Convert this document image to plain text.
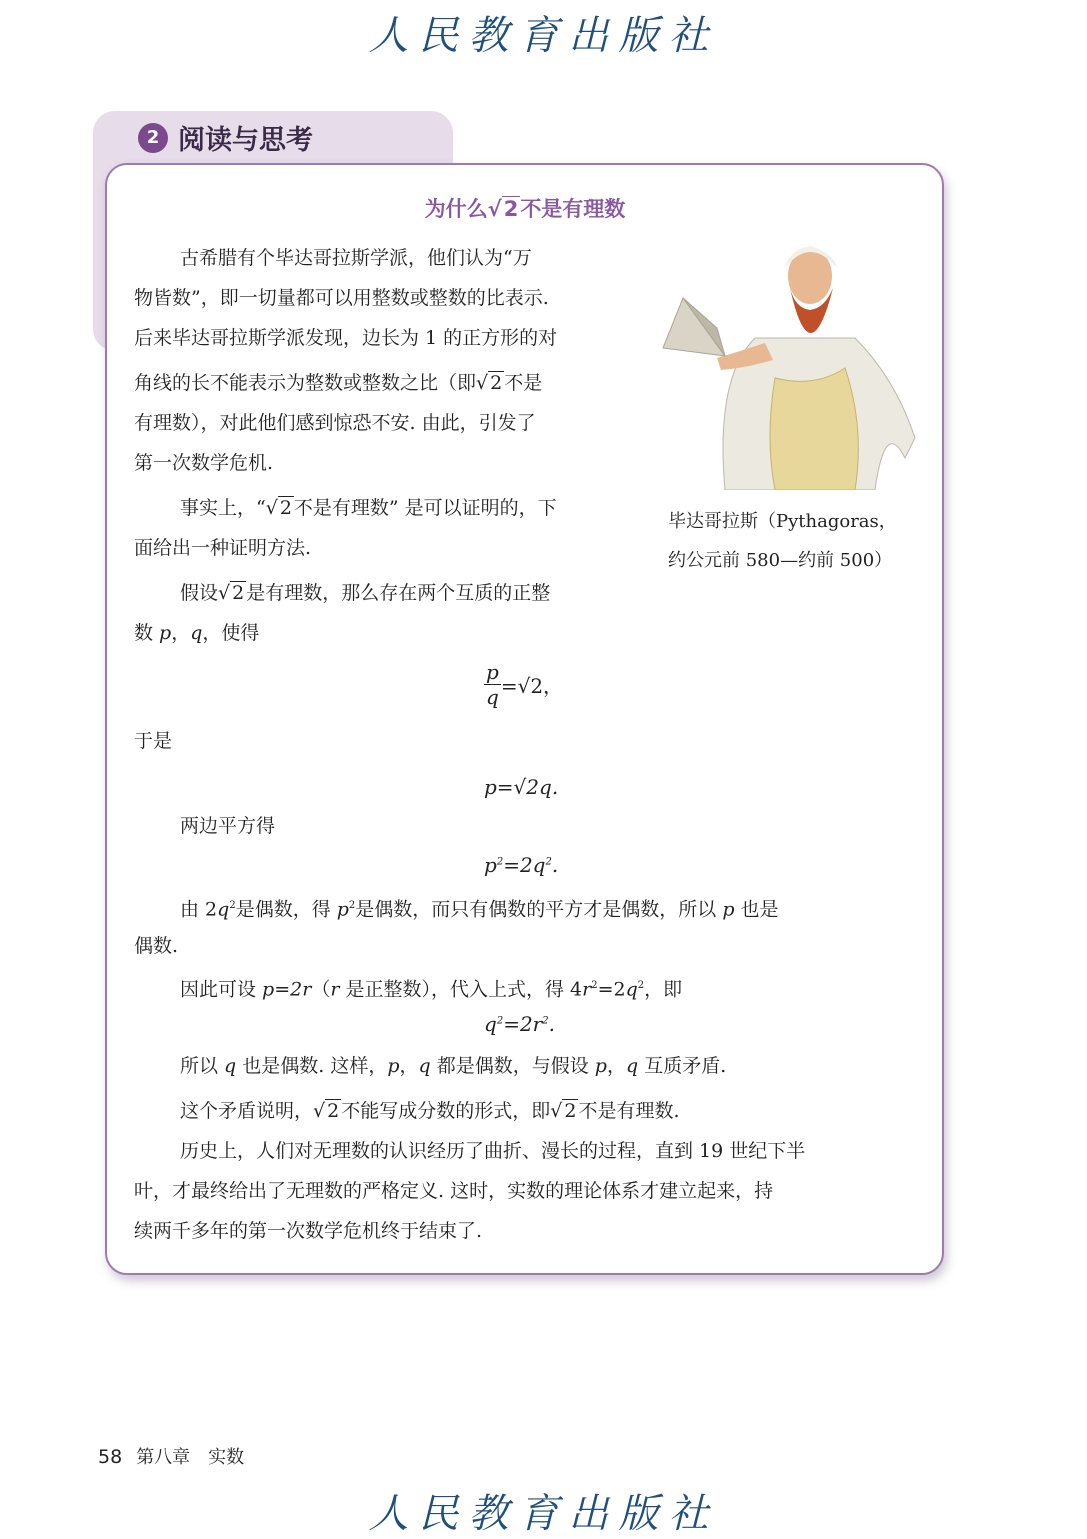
人民教育出版社
2 阅读与思考
为什么√2不是有理数
古希腊有个毕达哥拉斯学派，他们认为“万
物皆数”，即一切量都可以用整数或整数的比表示.
后来毕达哥拉斯学派发现，边长为 1 的正方形的对
角线的长不能表示为整数或整数之比（即√ 2 不是
有理数），对此他们感到惊恐不安. 由此，引发了
第一次数学危机.
事实上，“√ 2 不是有理数” 是可以证明的，下
面给出一种证明方法.
假设√ 2 是有理数，那么存在两个互质的正整
数 p，q，使得
$\frac{p}{q} =√2$，
于是
p=√2q.
两边平方得
$p^2=2q^2$.
由 $2q^2$是偶数，得 $p^2$是偶数，而只有偶数的平方才是偶数，所以 p 也是
偶数.
因此可设 p=2r（r 是正整数），代入上式，得 $4r^2=2q^2$，即
$q^2=2r^2$.
所以 q 也是偶数. 这样，p，q 都是偶数，与假设 p，q 互质矛盾.
这个矛盾说明，√ 2 不能写成分数的形式，即√ 2 不是有理数.
历史上，人们对无理数的认识经历了曲折、漫长的过程，直到 19 世纪下半
叶，才最终给出了无理数的严格定义. 这时，实数的理论体系才建立起来，持
续两千多年的第一次数学危机终于结束了.
毕达哥拉斯（Pythagoras，
约公元前 580—约前 500）
58 第八章　实数
人民教育出版社
